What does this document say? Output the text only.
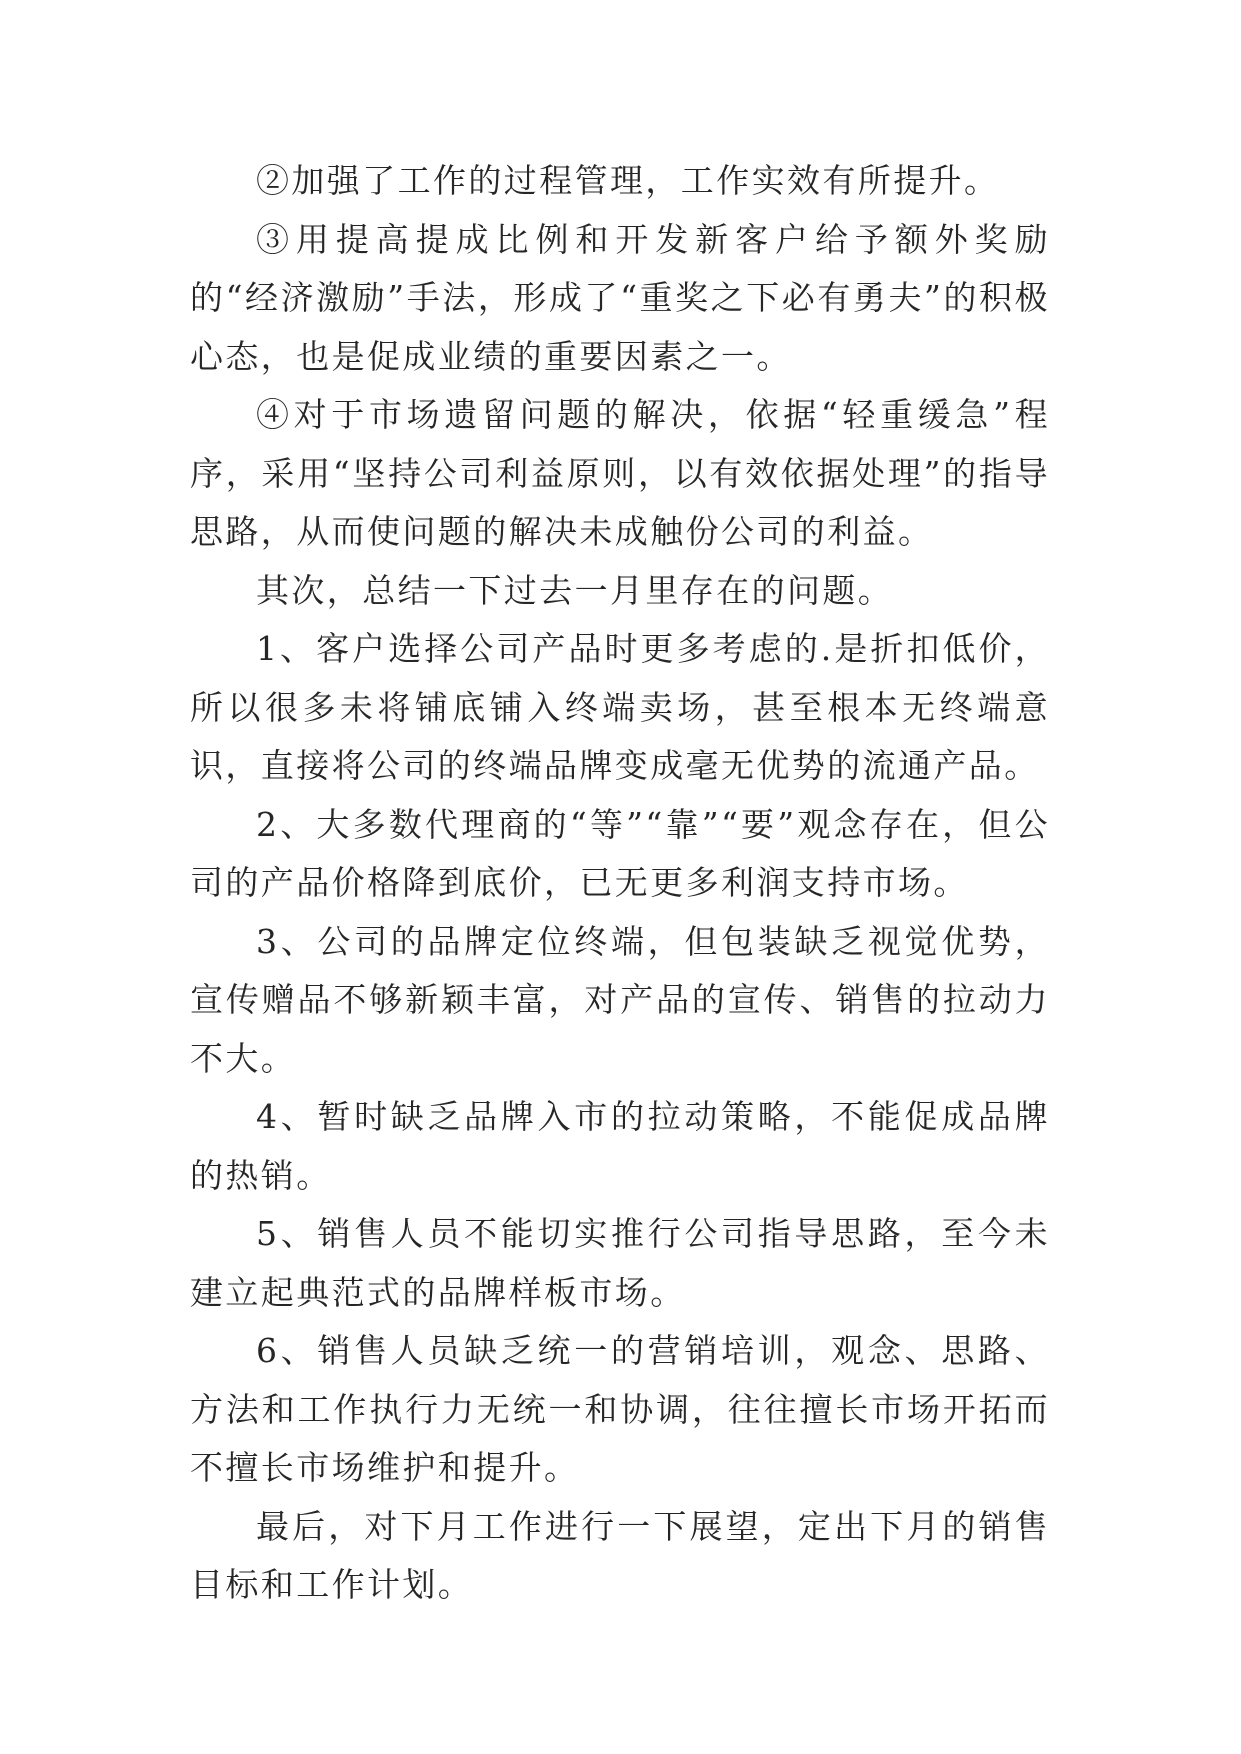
②加强了工作的过程管理，工作实效有所提升。

③用提高提成比例和开发新客户给予额外奖励的“经济激励”手法，形成了“重奖之下必有勇夫”的积极心态，也是促成业绩的重要因素之一。

④对于市场遗留问题的解决，依据“轻重缓急”程序，采用“坚持公司利益原则，以有效依据处理”的指导思路，从而使问题的解决未成触份公司的利益。

其次，总结一下过去一月里存在的问题。

1、客户选择公司产品时更多考虑的.是折扣低价，所以很多未将铺底铺入终端卖场，甚至根本无终端意识，直接将公司的终端品牌变成毫无优势的流通产品。

2、大多数代理商的“等”“靠”“要”观念存在，但公司的产品价格降到底价，已无更多利润支持市场。

3、公司的品牌定位终端，但包装缺乏视觉优势，宣传赠品不够新颖丰富，对产品的宣传、销售的拉动力不大。

4、暂时缺乏品牌入市的拉动策略，不能促成品牌的热销。

5、销售人员不能切实推行公司指导思路，至今未建立起典范式的品牌样板市场。

6、销售人员缺乏统一的营销培训，观念、思路、方法和工作执行力无统一和协调，往往擅长市场开拓而不擅长市场维护和提升。

最后，对下月工作进行一下展望，定出下月的销售目标和工作计划。
